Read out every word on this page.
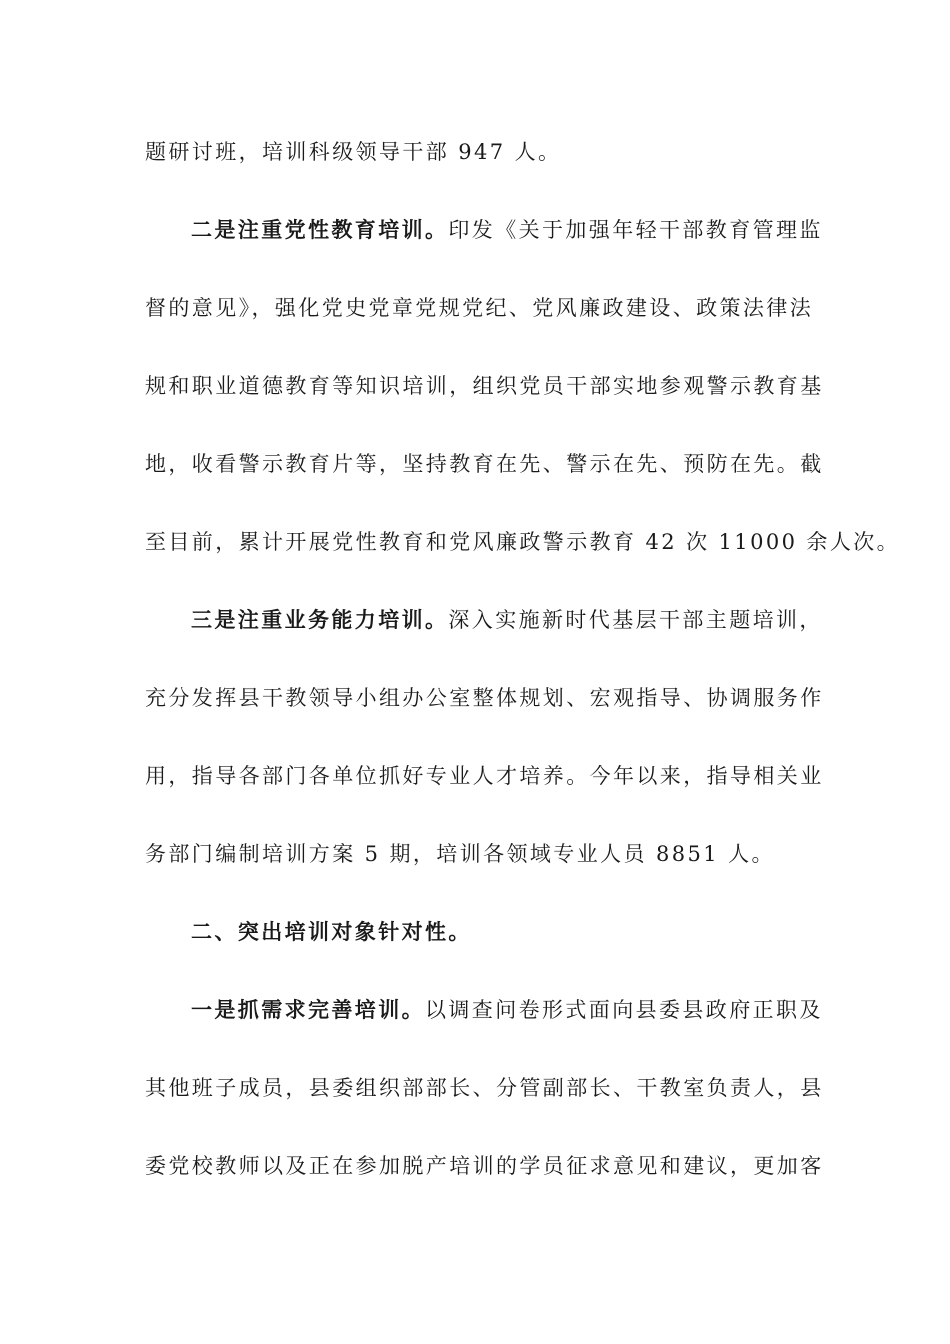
题研讨班，培训科级领导干部 947 人。
二是注重党性教育培训。印发《关于加强年轻干部教育管理监
督的意见》，强化党史党章党规党纪、党风廉政建设、政策法律法
规和职业道德教育等知识培训，组织党员干部实地参观警示教育基
地，收看警示教育片等，坚持教育在先、警示在先、预防在先。截
至目前，累计开展党性教育和党风廉政警示教育 42 次 11000 余人次。
三是注重业务能力培训。深入实施新时代基层干部主题培训，
充分发挥县干教领导小组办公室整体规划、宏观指导、协调服务作
用，指导各部门各单位抓好专业人才培养。今年以来，指导相关业
务部门编制培训方案 5 期，培训各领域专业人员 8851 人。
二、突出培训对象针对性。
一是抓需求完善培训。以调查问卷形式面向县委县政府正职及
其他班子成员，县委组织部部长、分管副部长、干教室负责人，县
委党校教师以及正在参加脱产培训的学员征求意见和建议，更加客
